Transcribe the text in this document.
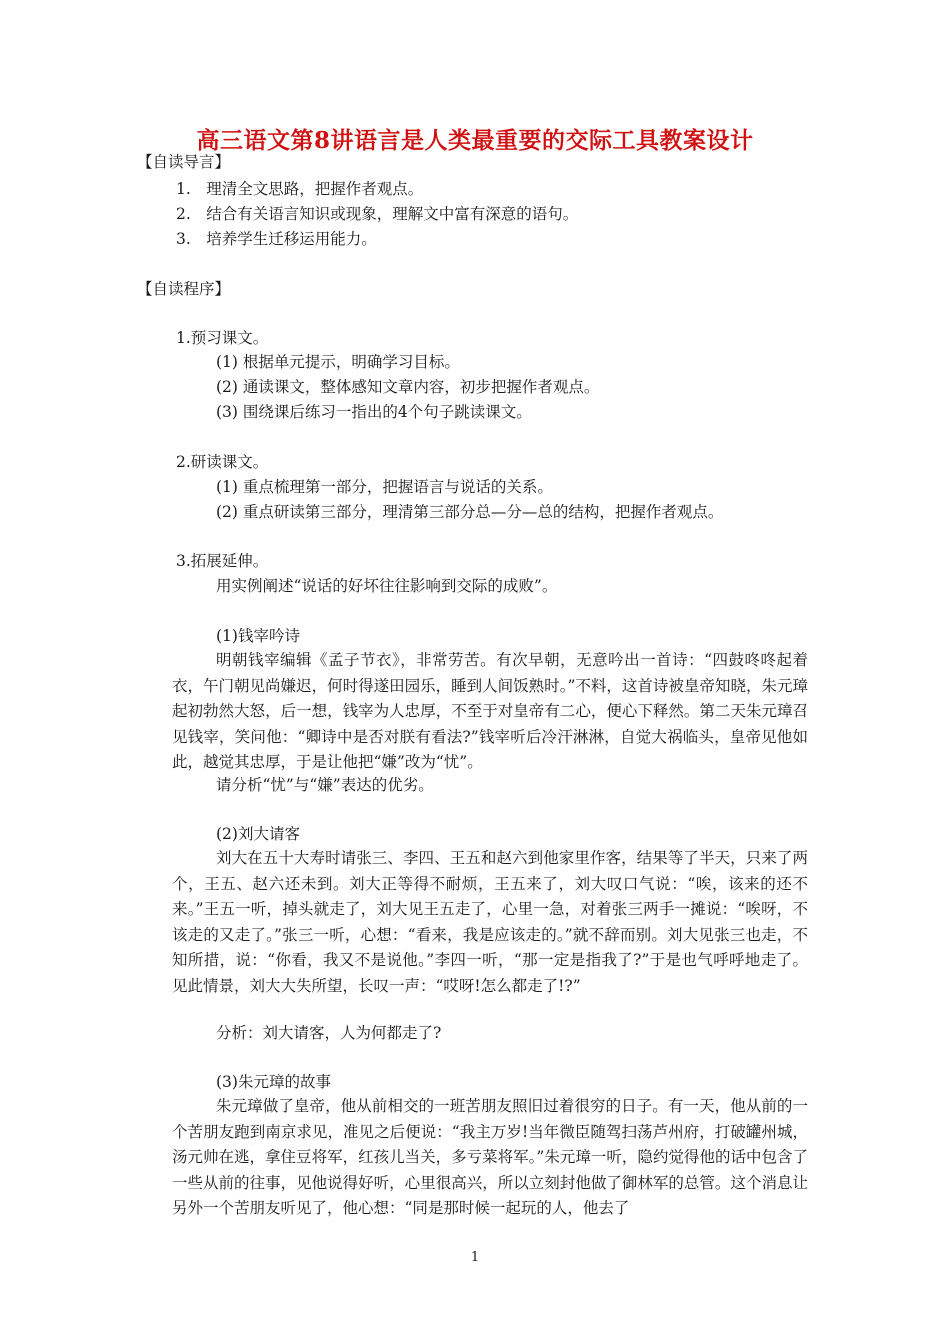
高三语文第8讲语言是人类最重要的交际工具教案设计
【自读导言】
1.　理清全文思路，把握作者观点。
2.　结合有关语言知识或现象，理解文中富有深意的语句。
3.　培养学生迁移运用能力。
【自读程序】
1.预习课文。
(1) 根据单元提示，明确学习目标。
(2) 通读课文，整体感知文章内容，初步把握作者观点。
(3) 围绕课后练习一指出的4个句子跳读课文。
2.研读课文。
(1) 重点梳理第一部分，把握语言与说话的关系。
(2) 重点研读第三部分，理清第三部分总—分—总的结构，把握作者观点。
3.拓展延伸。
用实例阐述“说话的好坏往往影响到交际的成败”。
(1)钱宰吟诗

明朝钱宰编辑《孟子节衣》，非常劳苦。有次早朝，无意吟出一首诗：“四鼓咚咚起着衣，午门朝见尚嫌迟，何时得遂田园乐，睡到人间饭熟时。”不料，这首诗被皇帝知晓，朱元璋起初勃然大怒，后一想，钱宰为人忠厚，不至于对皇帝有二心，便心下释然。第二天朱元璋召见钱宰，笑问他：“卿诗中是否对朕有看法?”钱宰听后冷汗淋淋，自觉大祸临头，皇帝见他如此，越觉其忠厚，于是让他把“嫌”改为“忧”。

请分析“忧”与“嫌”表达的优劣。
(2)刘大请客

刘大在五十大寿时请张三、李四、王五和赵六到他家里作客，结果等了半天，只来了两个，王五、赵六还未到。刘大正等得不耐烦，王五来了，刘大叹口气说：“唉，该来的还不来。”王五一听，掉头就走了，刘大见王五走了，心里一急，对着张三两手一摊说：“唉呀，不该走的又走了。”张三一听，心想：“看来，我是应该走的。”就不辞而别。刘大见张三也走，不知所措，说：“你看，我又不是说他。”李四一听，“那一定是指我了?”于是也气呼呼地走了。见此情景，刘大大失所望，长叹一声：“哎呀!怎么都走了!?”

分析：刘大请客，人为何都走了?
(3)朱元璋的故事

朱元璋做了皇帝，他从前相交的一班苦朋友照旧过着很穷的日子。有一天，他从前的一个苦朋友跑到南京求见，准见之后便说：“我主万岁!当年微臣随驾扫荡芦州府，打破罐州城，汤元帅在逃，拿住豆将军，红孩儿当关，多亏菜将军。”朱元璋一听，隐约觉得他的话中包含了一些从前的往事，见他说得好听，心里很高兴，所以立刻封他做了御林军的总管。这个消息让另外一个苦朋友听见了，他心想：“同是那时候一起玩的人，他去了

1
